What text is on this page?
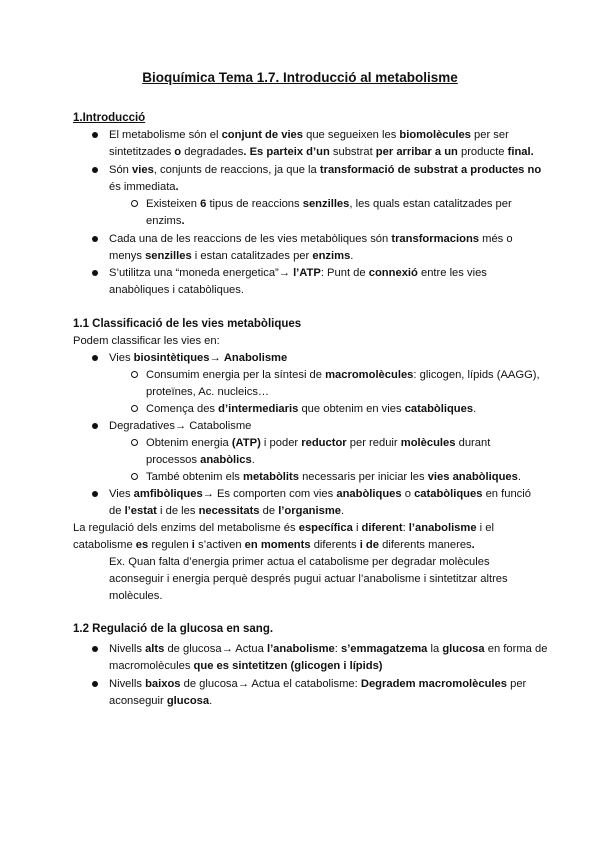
Bioquímica Tema 1.7. Introducció al metabolisme
1.Introducció
El metabolisme són el conjunt de vies que segueixen les biomolècules per ser
sintetitzades o degradades. Es parteix d’un substrat per arribar a un producte final.
Són vies, conjunts de reaccions, ja que la transformació de substrat a productes no
és immediata.
Existeixen 6 tipus de reaccions senzilles, les quals estan catalitzades per
enzims.
Cada una de les reaccions de les vies metabòliques són transformacions més o
menys senzilles i estan catalitzades per enzims.
S’utilitza una “moneda energetica”→ l’ATP: Punt de connexió entre les vies
anabòliques i catabòliques.
1.1 Classificació de les vies metabòliques
Podem classificar les vies en:
Vies biosintètiques→ Anabolisme
Consumim energia per la síntesi de macromolècules: glicogen, lípids (AAGG),
proteïnes, Ac. nucleics…
Comença des d’intermediaris que obtenim en vies catabòliques.
Degradatives→ Catabolisme
Obtenim energia (ATP) i poder reductor per reduir molècules durant
processos anabòlics.
També obtenim els metabòlits necessaris per iniciar les vies anabòliques.
Vies amfibòliques→ Es comporten com vies anabòliques o catabòliques en funció
de l’estat i de les necessitats de l’organisme.
La regulació dels enzims del metabolisme és específica i diferent: l’anabolisme i el
catabolisme es regulen i s’activen en moments diferents i de diferents maneres.
Ex. Quan falta d’energia primer actua el catabolisme per degradar molècules
aconseguir i energia perquè després pugui actuar l’anabolisme i sintetitzar altres
molècules.
1.2 Regulació de la glucosa en sang.
Nivells alts de glucosa→ Actua l’anabolisme: s’emmagatzema la glucosa en forma de
macromolècules que es sintetitzen (glicogen i lípids)
Nivells baixos de glucosa→ Actua el catabolisme: Degradem macromolècules per
aconseguir glucosa.
